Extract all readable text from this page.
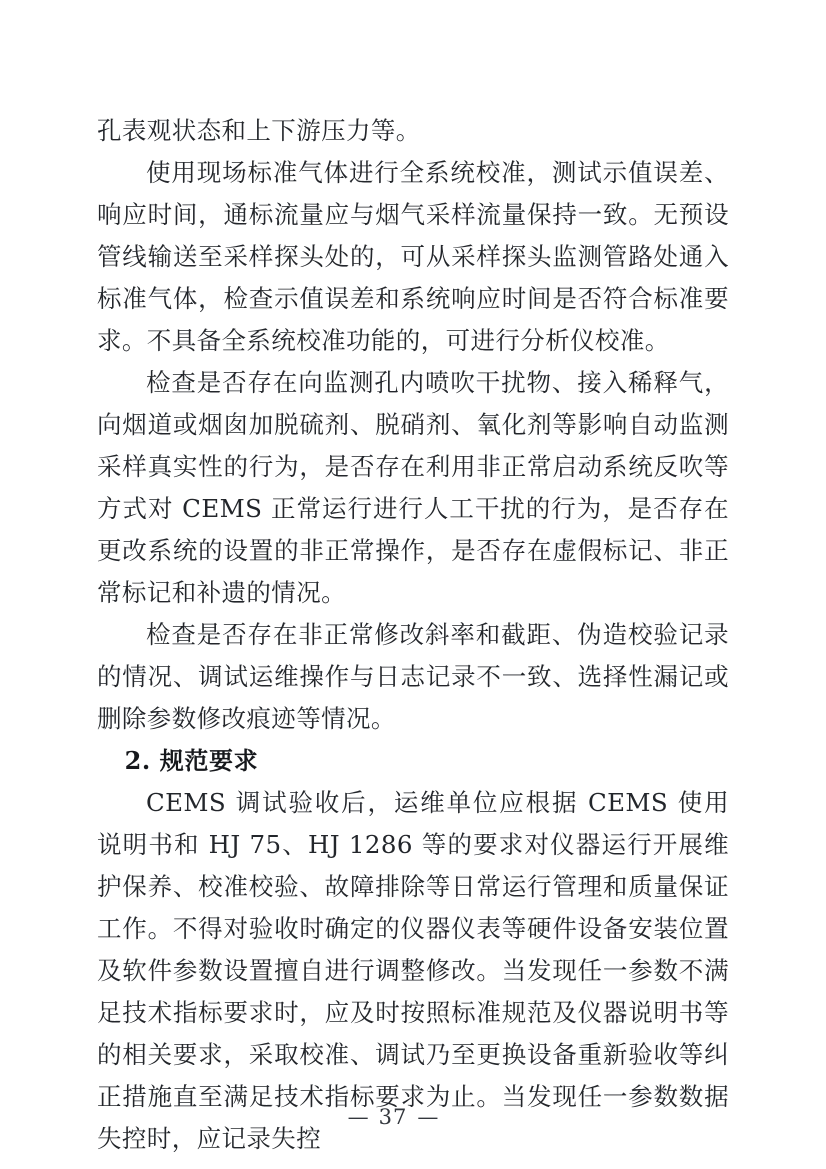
孔表观状态和上下游压力等。

使用现场标准气体进行全系统校准，测试示值误差、响应时间，通标流量应与烟气采样流量保持一致。无预设管线输送至采样探头处的，可从采样探头监测管路处通入标准气体，检查示值误差和系统响应时间是否符合标准要求。不具备全系统校准功能的，可进行分析仪校准。

检查是否存在向监测孔内喷吹干扰物、接入稀释气，向烟道或烟囱加脱硫剂、脱硝剂、氧化剂等影响自动监测采样真实性的行为，是否存在利用非正常启动系统反吹等方式对 CEMS 正常运行进行人工干扰的行为，是否存在更改系统的设置的非正常操作，是否存在虚假标记、非正常标记和补遗的情况。

检查是否存在非正常修改斜率和截距、伪造校验记录的情况、调试运维操作与日志记录不一致、选择性漏记或删除参数修改痕迹等情况。

2. 规范要求

CEMS 调试验收后，运维单位应根据 CEMS 使用说明书和 HJ 75、HJ 1286 等的要求对仪器运行开展维护保养、校准校验、故障排除等日常运行管理和质量保证工作。不得对验收时确定的仪器仪表等硬件设备安装位置及软件参数设置擅自进行调整修改。当发现任一参数不满足技术指标要求时，应及时按照标准规范及仪器说明书等的相关要求，采取校准、调试乃至更换设备重新验收等纠正措施直至满足技术指标要求为止。当发现任一参数数据失控时，应记录失控

— 37 —
